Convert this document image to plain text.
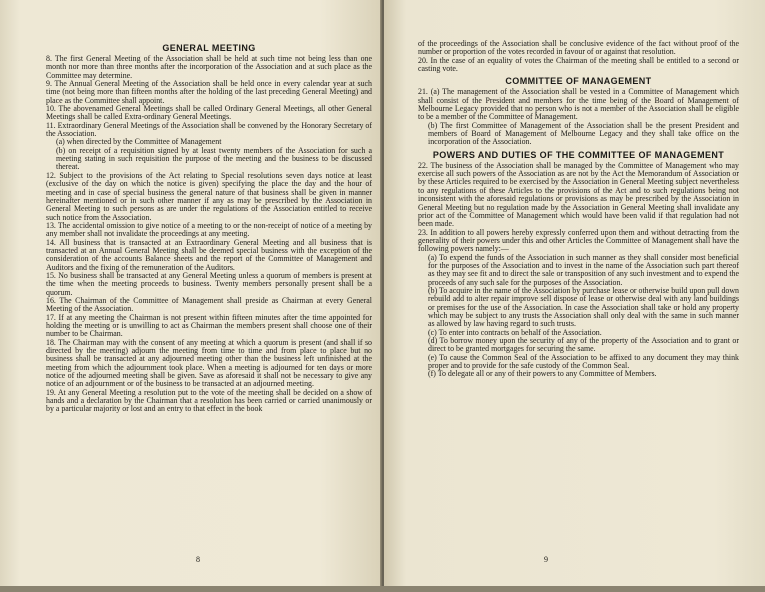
GENERAL MEETING

8. The first General Meeting of the Association shall be held at such time not being less than one month nor more than three months after the incorporation of the Association and at such place as the Committee may determine.

9. The Annual General Meeting of the Association shall be held once in every calendar year at such time (not being more than fifteen months after the holding of the last preceding General Meeting) and place as the Committee shall appoint.

10. The abovenamed General Meetings shall be called Ordinary General Meetings, all other General Meetings shall be called Extra-ordinary General Meetings.

11. Extraordinary General Meetings of the Association shall be convened by the Honorary Secretary of the Association.

(a) when directed by the Committee of Management

(b) on receipt of a requisition signed by at least twenty members of the Association for such a meeting stating in such requisition the purpose of the meeting and the business to be discussed thereat.

12. Subject to the provisions of the Act relating to Special resolutions seven days notice at least (exclusive of the day on which the notice is given) specifying the place the day and the hour of meeting and in case of special business the general nature of that business shall be given in manner hereinafter mentioned or in such other manner if any as may be prescribed by the Association in General Meeting to such persons as are under the regulations of the Association entitled to receive such notice from the Association.

13. The accidental omission to give notice of a meeting to or the non-receipt of notice of a meeting by any member shall not invalidate the proceedings at any meeting.

14. All business that is transacted at an Extraordinary General Meeting and all business that is transacted at an Annual General Meeting shall be deemed special business with the exception of the consideration of the accounts Balance sheets and the report of the Committee of Management and Auditors and the fixing of the remuneration of the Auditors.

15. No business shall be transacted at any General Meeting unless a quorum of members is present at the time when the meeting proceeds to business. Twenty members personally present shall be a quorum.

16. The Chairman of the Committee of Management shall preside as Chairman at every General Meeting of the Association.

17. If at any meeting the Chairman is not present within fifteen minutes after the time appointed for holding the meeting or is unwilling to act as Chairman the members present shall choose one of their number to be Chairman.

18. The Chairman may with the consent of any meeting at which a quorum is present (and shall if so directed by the meeting) adjourn the meeting from time to time and from place to place but no business shall be transacted at any adjourned meeting other than the business left unfinished at the meeting from which the adjournment took place. When a meeting is adjourned for ten days or more notice of the adjourned meeting shall be given. Save as aforesaid it shall not be necessary to give any notice of an adjournment or of the business to be transacted at an adjourned meeting.

19. At any General Meeting a resolution put to the vote of the meeting shall be decided on a show of hands and a declaration by the Chairman that a resolution has been carried or carried unanimously or by a particular majority or lost and an entry to that effect in the book

8

of the proceedings of the Association shall be conclusive evidence of the fact without proof of the number or proportion of the votes recorded in favour of or against that resolution.

20. In the case of an equality of votes the Chairman of the meeting shall be entitled to a second or casting vote.

COMMITTEE OF MANAGEMENT

21. (a) The management of the Association shall be vested in a Committee of Management which shall consist of the President and members for the time being of the Board of Management of Melbourne Legacy provided that no person who is not a member of the Association shall be eligible to be a member of the Committee of Management.

(b) The first Committee of Management of the Association shall be the present President and members of Board of Management of Melbourne Legacy and they shall take office on the incorporation of the Association.

POWERS AND DUTIES OF THE COMMITTEE OF MANAGEMENT

22. The business of the Association shall be managed by the Committee of Management who may exercise all such powers of the Association as are not by the Act the Memorandum of Association or by these Articles required to be exercised by the Association in General Meeting subject nevertheless to any regulations of these Articles to the provisions of the Act and to such regulations being not inconsistent with the aforesaid regulations or provisions as may be prescribed by the Association in General Meeting but no regulation made by the Association in General Meeting shall invalidate any prior act of the Committee of Management which would have been valid if that regulation had not been made.

23. In addition to all powers hereby expressly conferred upon them and without detracting from the generality of their powers under this and other Articles the Committee of Management shall have the following powers namely:—

(a) To expend the funds of the Association in such manner as they shall consider most beneficial for the purposes of the Association and to invest in the name of the Association such part thereof as they may see fit and to direct the sale or transposition of any such investment and to expend the proceeds of any such sale for the purposes of the Association.

(b) To acquire in the name of the Association by purchase lease or otherwise build upon pull down rebuild add to alter repair improve sell dispose of lease or otherwise deal with any land buildings or premises for the use of the Association. In case the Association shall take or hold any property which may be subject to any trusts the Association shall only deal with the same in such manner as allowed by law having regard to such trusts.

(c) To enter into contracts on behalf of the Association.

(d) To borrow money upon the security of any of the property of the Association and to grant or direct to be granted mortgages for securing the same.

(e) To cause the Common Seal of the Association to be affixed to any document they may think proper and to provide for the safe custody of the Common Seal.

(f) To delegate all or any of their powers to any Committee of Members.

9
